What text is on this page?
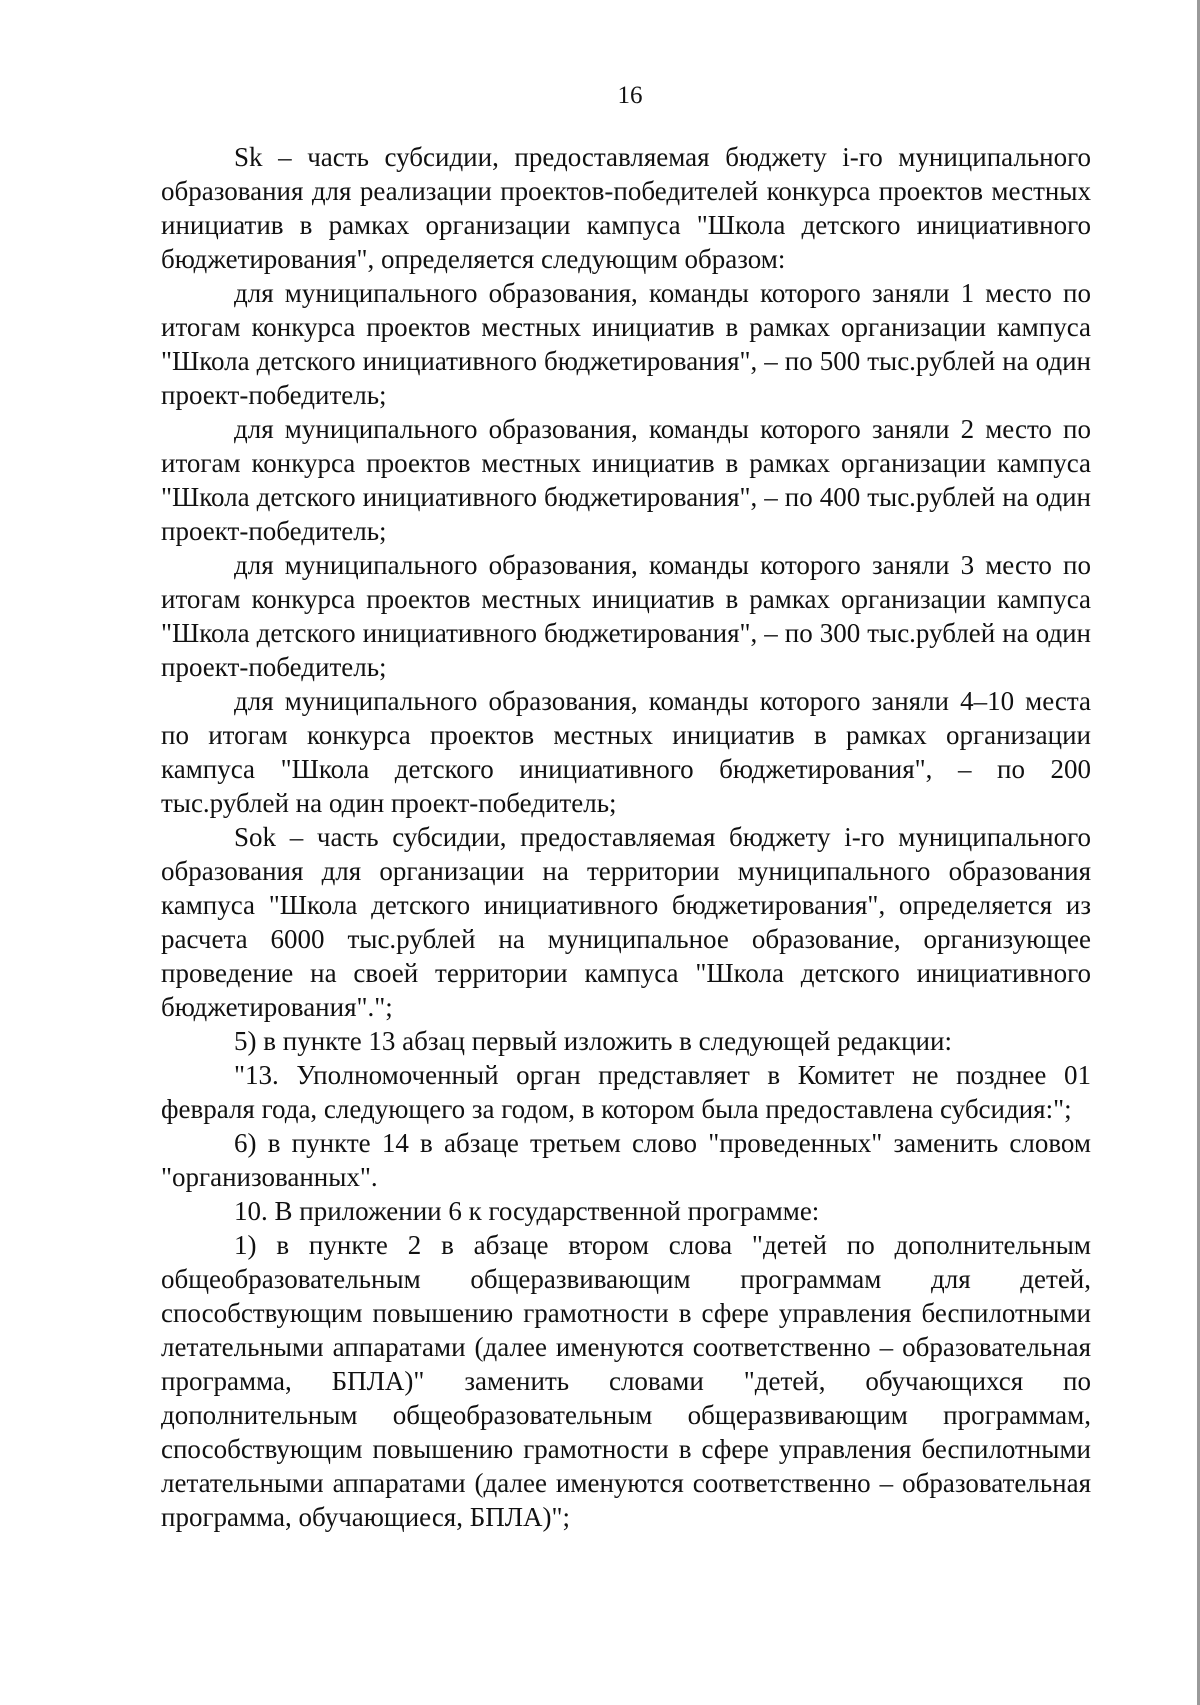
16

Sk – часть субсидии, предоставляемая бюджету i-го муниципального образования для реализации проектов-победителей конкурса проектов местных инициатив в рамках организации кампуса "Школа детского инициативного бюджетирования", определяется следующим образом:

для муниципального образования, команды которого заняли 1 место по итогам конкурса проектов местных инициатив в рамках организации кампуса "Школа детского инициативного бюджетирования", – по 500 тыс.рублей на один проект-победитель;

для муниципального образования, команды которого заняли 2 место по итогам конкурса проектов местных инициатив в рамках организации кампуса "Школа детского инициативного бюджетирования", – по 400 тыс.рублей на один проект-победитель;

для муниципального образования, команды которого заняли 3 место по итогам конкурса проектов местных инициатив в рамках организации кампуса "Школа детского инициативного бюджетирования", – по 300 тыс.рублей на один проект-победитель;

для муниципального образования, команды которого заняли 4–10 места по итогам конкурса проектов местных инициатив в рамках организации кампуса "Школа детского инициативного бюджетирования", – по 200 тыс.рублей на один проект-победитель;

Sok – часть субсидии, предоставляемая бюджету i-го муниципального образования для организации на территории муниципального образования кампуса "Школа детского инициативного бюджетирования", определяется из расчета 6000 тыс.рублей на муниципальное образование, организующее проведение на своей территории кампуса "Школа детского инициативного бюджетирования".";

5) в пункте 13 абзац первый изложить в следующей редакции:

"13. Уполномоченный орган представляет в Комитет не позднее 01 февраля года, следующего за годом, в котором была предоставлена субсидия:";

6) в пункте 14 в абзаце третьем слово "проведенных" заменить словом "организованных".

10. В приложении 6 к государственной программе:

1) в пункте 2 в абзаце втором слова "детей по дополнительным общеобразовательным общеразвивающим программам для детей, способствующим повышению грамотности в сфере управления беспилотными летательными аппаратами (далее именуются соответственно – образовательная программа, БПЛА)" заменить словами "детей, обучающихся по дополнительным общеобразовательным общеразвивающим программам, способствующим повышению грамотности в сфере управления беспилотными летательными аппаратами (далее именуются соответственно – образовательная программа, обучающиеся, БПЛА)";
